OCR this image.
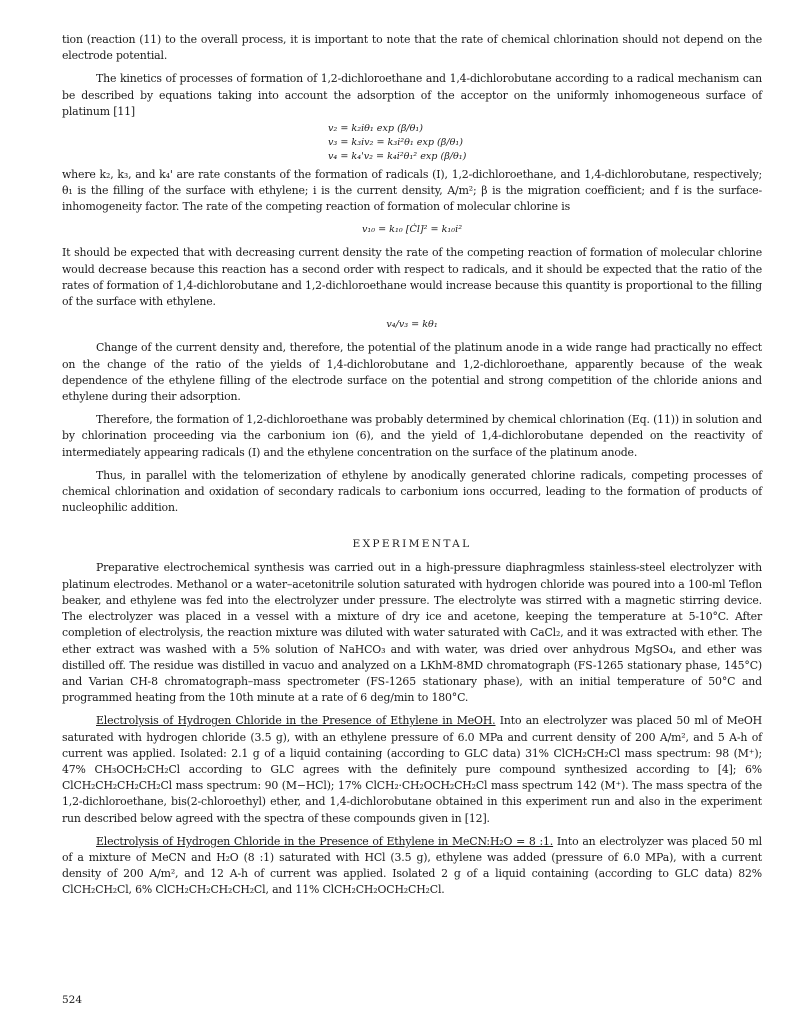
tion (reaction (11) to the overall process, it is important to note that the rate of chemical chlorination should not depend on the electrode potential.

The kinetics of processes of formation of 1,2-dichloroethane and 1,4-dichlorobutane according to a radical mechanism can be described by equations taking into account the adsorption of the acceptor on the uniformly inhomogeneous surface of platinum [11]

v₂ = k₂iθ₁ exp (β/θ₁)
v₃ = k₃iv₂ = k₃i²θ₁ exp (β/θ₁)
v₄ = k₄'v₂ = k₄i²θ₁² exp (β/θ₁)

where k₂, k₃, and k₄' are rate constants of the formation of radicals (I), 1,2-dichloroethane, and 1,4-dichlorobutane, respectively; θ₁ is the filling of the surface with ethylene; i is the current density, A/m²; β is the migration coefficient; and f is the surface-inhomogeneity factor. The rate of the competing reaction of formation of molecular chlorine is

v₁₀ = k₁₀ [Ċl]² = k₁₀i²

It should be expected that with decreasing current density the rate of the competing reaction of formation of molecular chlorine would decrease because this reaction has a second order with respect to radicals, and it should be expected that the ratio of the rates of formation of 1,4-dichlorobutane and 1,2-dichloroethane would increase because this quantity is proportional to the filling of the surface with ethylene.

v₄/v₃ = kθ₁

Change of the current density and, therefore, the potential of the platinum anode in a wide range had practically no effect on the change of the ratio of the yields of 1,4-dichlorobutane and 1,2-dichloroethane, apparently because of the weak dependence of the ethylene filling of the electrode surface on the potential and strong competition of the chloride anions and ethylene during their adsorption.

Therefore, the formation of 1,2-dichloroethane was probably determined by chemical chlorination (Eq. (11)) in solution and by chlorination proceeding via the carbonium ion (6), and the yield of 1,4-dichlorobutane depended on the reactivity of intermediately appearing radicals (I) and the ethylene concentration on the surface of the platinum anode.

Thus, in parallel with the telomerization of ethylene by anodically generated chlorine radicals, competing processes of chemical chlorination and oxidation of secondary radicals to carbonium ions occurred, leading to the formation of products of nucleophilic addition.

EXPERIMENTAL

Preparative electrochemical synthesis was carried out in a high-pressure diaphragmless stainless-steel electrolyzer with platinum electrodes. Methanol or a water–acetonitrile solution saturated with hydrogen chloride was poured into a 100-ml Teflon beaker, and ethylene was fed into the electrolyzer under pressure. The electrolyte was stirred with a magnetic stirring device. The electrolyzer was placed in a vessel with a mixture of dry ice and acetone, keeping the temperature at 5-10°C. After completion of electrolysis, the reaction mixture was diluted with water saturated with CaCl₂, and it was extracted with ether. The ether extract was washed with a 5% solution of NaHCO₃ and with water, was dried over anhydrous MgSO₄, and ether was distilled off. The residue was distilled in vacuo and analyzed on a LKhM-8MD chromatograph (FS-1265 stationary phase, 145°C) and Varian CH-8 chromatograph–mass spectrometer (FS-1265 stationary phase), with an initial temperature of 50°C and programmed heating from the 10th minute at a rate of 6 deg/min to 180°C.

Electrolysis of Hydrogen Chloride in the Presence of Ethylene in MeOH. Into an electrolyzer was placed 50 ml of MeOH saturated with hydrogen chloride (3.5 g), with an ethylene pressure of 6.0 MPa and current density of 200 A/m², and 5 A-h of current was applied. Isolated: 2.1 g of a liquid containing (according to GLC data) 31% ClCH₂CH₂Cl mass spectrum: 98 (M⁺); 47% CH₃OCH₂CH₂Cl according to GLC agrees with the definitely pure compound synthesized according to [4]; 6% ClCH₂CH₂CH₂CH₂Cl mass spectrum: 90 (M−HCl); 17% ClCH₂·CH₂OCH₂CH₂Cl mass spectrum 142 (M⁺). The mass spectra of the 1,2-dichloroethane, bis(2-chloroethyl) ether, and 1,4-dichlorobutane obtained in this experiment run and also in the experiment run described below agreed with the spectra of these compounds given in [12].

Electrolysis of Hydrogen Chloride in the Presence of Ethylene in MeCN:H₂O = 8 :1. Into an electrolyzer was placed 50 ml of a mixture of MeCN and H₂O (8 :1) saturated with HCl (3.5 g), ethylene was added (pressure of 6.0 MPa), with a current density of 200 A/m², and 12 A-h of current was applied. Isolated 2 g of a liquid containing (according to GLC data) 82% ClCH₂CH₂Cl, 6% ClCH₂CH₂CH₂CH₂Cl, and 11% ClCH₂CH₂OCH₂CH₂Cl.

524
